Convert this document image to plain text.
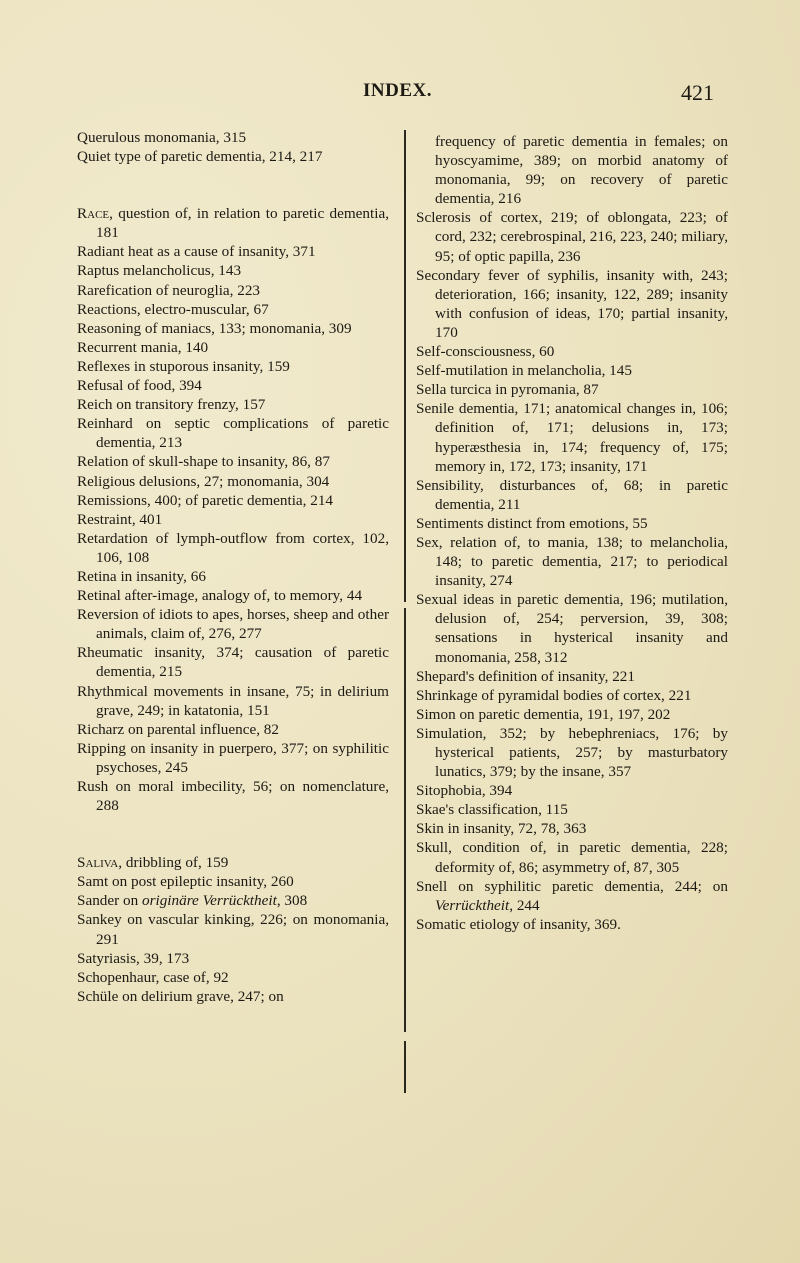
INDEX.	421

Querulous monomania, 315

Quiet type of paretic dementia, 214, 217

Race, question of, in relation to paretic dementia, 181

Radiant heat as a cause of insanity, 371

Raptus melancholicus, 143

Rarefication of neuroglia, 223

Reactions, electro-muscular, 67

Reasoning of maniacs, 133; monomania, 309

Recurrent mania, 140

Reflexes in stuporous insanity, 159

Refusal of food, 394

Reich on transitory frenzy, 157

Reinhard on septic complications of paretic dementia, 213

Relation of skull-shape to insanity, 86, 87

Religious delusions, 27; monomania, 304

Remissions, 400; of paretic dementia, 214

Restraint, 401

Retardation of lymph-outflow from cortex, 102, 106, 108

Retina in insanity, 66

Retinal after-image, analogy of, to memory, 44

Reversion of idiots to apes, horses, sheep and other animals, claim of, 276, 277

Rheumatic insanity, 374; causation of paretic dementia, 215

Rhythmical movements in insane, 75; in delirium grave, 249; in katatonia, 151

Richarz on parental influence, 82

Ripping on insanity in puerpero, 377; on syphilitic psychoses, 245

Rush on moral imbecility, 56; on nomenclature, 288

Saliva, dribbling of, 159

Samt on post epileptic insanity, 260

Sander on originäre Verrücktheit, 308

Sankey on vascular kinking, 226; on monomania, 291

Satyriasis, 39, 173

Schopenhaur, case of, 92

Schüle on delirium grave, 247; on

frequency of paretic dementia in females; on hyoscyamime, 389; on morbid anatomy of monomania, 99; on recovery of paretic dementia, 216

Sclerosis of cortex, 219; of oblongata, 223; of cord, 232; cerebrospinal, 216, 223, 240; miliary, 95; of optic papilla, 236

Secondary fever of syphilis, insanity with, 243; deterioration, 166; insanity, 122, 289; insanity with confusion of ideas, 170; partial insanity, 170

Self-consciousness, 60

Self-mutilation in melancholia, 145

Sella turcica in pyromania, 87

Senile dementia, 171; anatomical changes in, 106; definition of, 171; delusions in, 173; hyperæsthesia in, 174; frequency of, 175; memory in, 172, 173; insanity, 171

Sensibility, disturbances of, 68; in paretic dementia, 211

Sentiments distinct from emotions, 55

Sex, relation of, to mania, 138; to melancholia, 148; to paretic dementia, 217; to periodical insanity, 274

Sexual ideas in paretic dementia, 196; mutilation, delusion of, 254; perversion, 39, 308; sensations in hysterical insanity and monomania, 258, 312

Shepard's definition of insanity, 221

Shrinkage of pyramidal bodies of cortex, 221

Simon on paretic dementia, 191, 197, 202

Simulation, 352; by hebephreniacs, 176; by hysterical patients, 257; by masturbatory lunatics, 379; by the insane, 357

Sitophobia, 394

Skae's classification, 115

Skin in insanity, 72, 78, 363

Skull, condition of, in paretic dementia, 228; deformity of, 86; asymmetry of, 87, 305

Snell on syphilitic paretic dementia, 244; on Verrücktheit, 244

Somatic etiology of insanity, 369.
